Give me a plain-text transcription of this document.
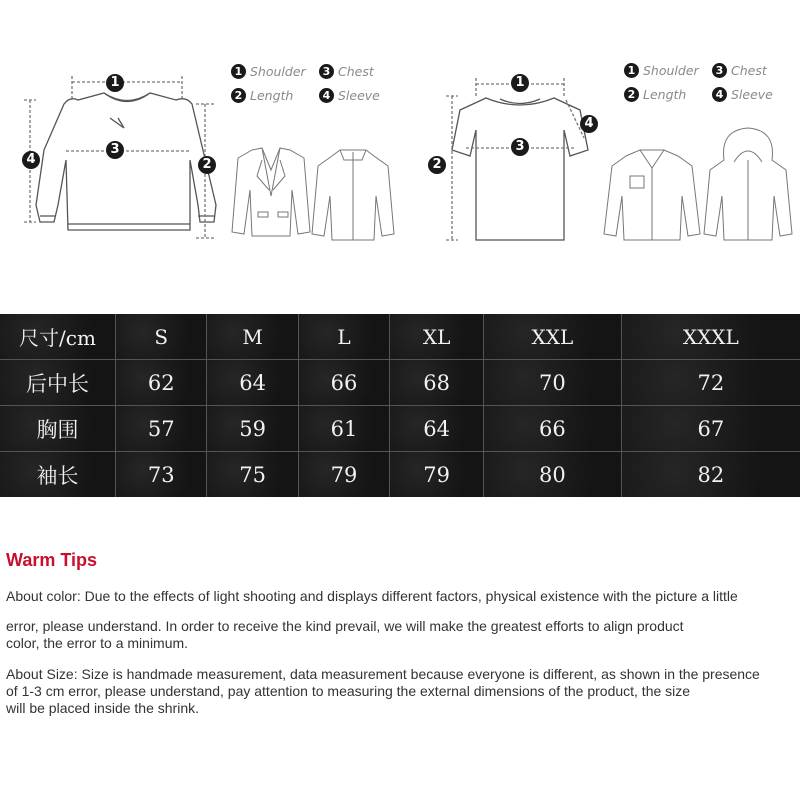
1
3
2
4
1
3
2
4
1 Shoulder	3 Chest
2 Length	4 Sleeve
1 Shoulder	3 Chest
2 Length	4 Sleeve
尺寸/cm	S	M	L	XL	XXL	XXXL
后中长	62	64	66	68	70	72
胸围	57	59	61	64	66	67
袖长	73	75	79	79	80	82
Warm Tips

About color: Due to the effects of light shooting and displays different factors, physical existence with the picture a little

error, please understand. In order to receive the kind prevail, we will make the greatest efforts to align product

color, the error to a minimum.

About Size: Size is handmade measurement, data measurement because everyone is different, as shown in the presence

of 1-3 cm error, please understand, pay attention to measuring the external dimensions of the product, the size

will be placed inside the shrink.
